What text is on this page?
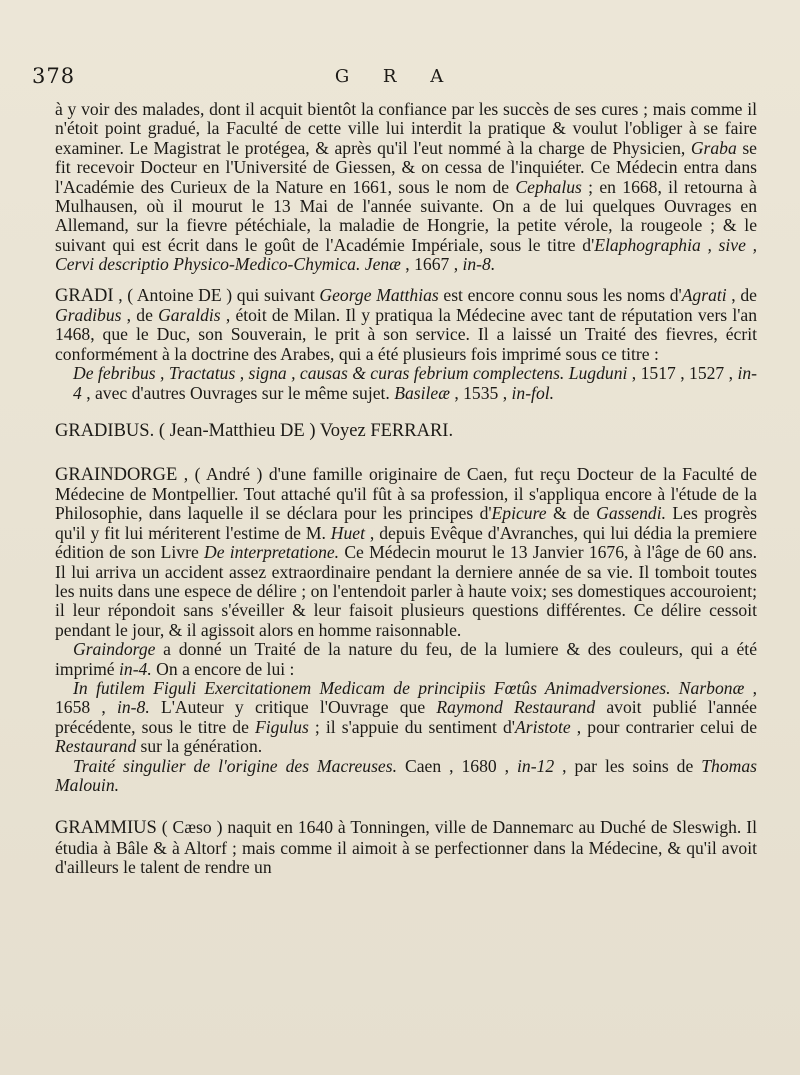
378	G R A

à y voir des malades, dont il acquit bientôt la confiance par les succès de ses cures ; mais comme il n'étoit point gradué, la Faculté de cette ville lui interdit la pratique & voulut l'obliger à se faire examiner. Le Magistrat le protégea, & après qu'il l'eut nommé à la charge de Physicien, Graba se fit recevoir Docteur en l'Université de Giessen, & on cessa de l'inquiéter. Ce Médecin entra dans l'Académie des Curieux de la Nature en 1661, sous le nom de Cephalus ; en 1668, il retourna à Mulhausen, où il mourut le 13 Mai de l'année suivante. On a de lui quelques Ouvrages en Allemand, sur la fievre pétéchiale, la maladie de Hongrie, la petite vérole, la rougeole ; & le suivant qui est écrit dans le goût de l'Académie Impériale, sous le titre d'Elaphographia , sive , Cervi descriptio Physico-Medico-Chymica. Jenæ , 1667 , in-8.

GRADI , ( Antoine DE ) qui suivant George Matthias est encore connu sous les noms d'Agrati , de Gradibus , de Garaldis , étoit de Milan. Il y pratiqua la Médecine avec tant de réputation vers l'an 1468, que le Duc, son Souverain, le prit à son service. Il a laissé un Traité des fievres, écrit conformément à la doctrine des Arabes, qui a été plusieurs fois imprimé sous ce titre :

De febribus , Tractatus , signa , causas & curas febrium complectens. Lugduni , 1517 , 1527 , in-4 , avec d'autres Ouvrages sur le même sujet. Basileæ , 1535 , in-fol.

GRADIBUS. ( Jean-Matthieu DE ) Voyez FERRARI.

GRAINDORGE , ( André ) d'une famille originaire de Caen, fut reçu Docteur de la Faculté de Médecine de Montpellier. Tout attaché qu'il fût à sa profession, il s'appliqua encore à l'étude de la Philosophie, dans laquelle il se déclara pour les principes d'Epicure & de Gassendi. Les progrès qu'il y fit lui mériterent l'estime de M. Huet , depuis Evêque d'Avranches, qui lui dédia la premiere édition de son Livre De interpretatione. Ce Médecin mourut le 13 Janvier 1676, à l'âge de 60 ans. Il lui arriva un accident assez extraordinaire pendant la derniere année de sa vie. Il tomboit toutes les nuits dans une espece de délire ; on l'entendoit parler à haute voix; ses domestiques accouroient; il leur répondoit sans s'éveiller & leur faisoit plusieurs questions différentes. Ce délire cessoit pendant le jour, & il agissoit alors en homme raisonnable.

Graindorge a donné un Traité de la nature du feu, de la lumiere & des couleurs, qui a été imprimé in-4. On a encore de lui :

In futilem Figuli Exercitationem Medicam de principiis Fœtûs Animadversiones. Narbonæ , 1658 , in-8. L'Auteur y critique l'Ouvrage que Raymond Restaurand avoit publié l'année précédente, sous le titre de Figulus ; il s'appuie du sentiment d'Aristote , pour contrarier celui de Restaurand sur la génération.

Traité singulier de l'origine des Macreuses. Caen , 1680 , in-12 , par les soins de Thomas Malouin.

GRAMMIUS ( Cæso ) naquit en 1640 à Tonningen, ville de Dannemarc au Duché de Sleswigh. Il étudia à Bâle & à Altorf ; mais comme il aimoit à se perfectionner dans la Médecine, & qu'il avoit d'ailleurs le talent de rendre un
